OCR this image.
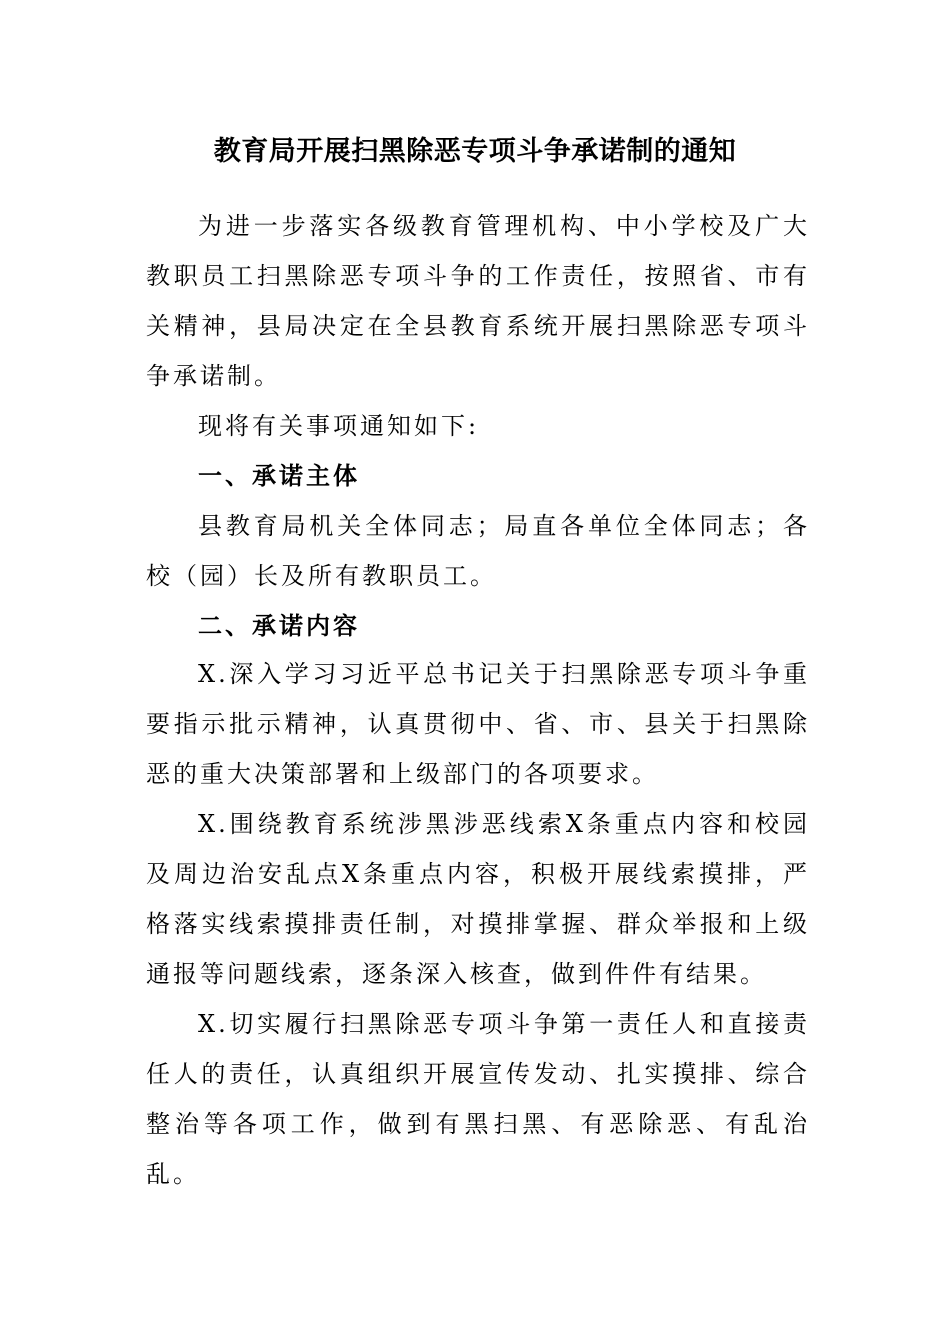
教育局开展扫黑除恶专项斗争承诺制的通知

为进一步落实各级教育管理机构、中小学校及广大教职员工扫黑除恶专项斗争的工作责任，按照省、市有关精神，县局决定在全县教育系统开展扫黑除恶专项斗争承诺制。

现将有关事项通知如下:

一、承诺主体

县教育局机关全体同志；局直各单位全体同志；各校（园）长及所有教职员工。

二、承诺内容

X.深入学习习近平总书记关于扫黑除恶专项斗争重要指示批示精神，认真贯彻中、省、市、县关于扫黑除恶的重大决策部署和上级部门的各项要求。

X.围绕教育系统涉黑涉恶线索X条重点内容和校园及周边治安乱点X条重点内容，积极开展线索摸排，严格落实线索摸排责任制，对摸排掌握、群众举报和上级通报等问题线索，逐条深入核查，做到件件有结果。

X.切实履行扫黑除恶专项斗争第一责任人和直接责任人的责任，认真组织开展宣传发动、扎实摸排、综合整治等各项工作，做到有黑扫黑、有恶除恶、有乱治乱。
